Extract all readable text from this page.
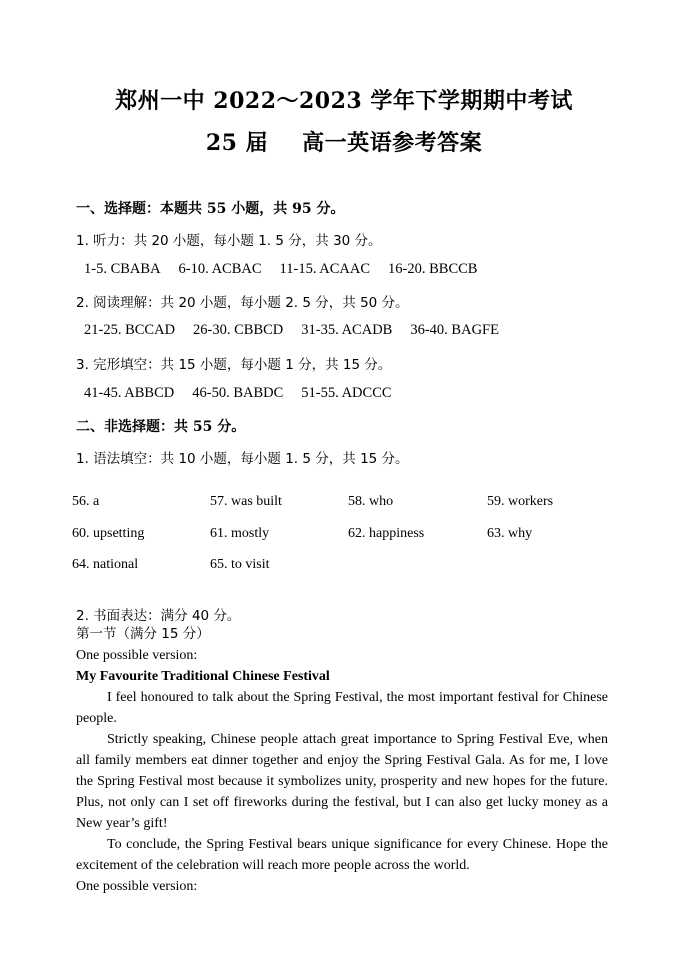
郑州一中 2022～2023 学年下学期期中考试
25 届 高一英语参考答案
一、选择题：本题共 55 小题，共 95 分。
1. 听力：共 20 小题，每小题 1. 5 分，共 30 分。
1-5. CBABA 6-10. ACBAC 11-15. ACAAC 16-20. BBCCB
2. 阅读理解：共 20 小题，每小题 2. 5 分，共 50 分。
21-25. BCCAD 26-30. CBBCD 31-35. ACADB 36-40. BAGFE
3. 完形填空：共 15 小题，每小题 1 分，共 15 分。
41-45. ABBCD 46-50. BABDC 51-55. ADCCC
二、非选择题：共 55 分。
1. 语法填空：共 10 小题，每小题 1. 5 分，共 15 分。
56. a	57. was built	58. who	59. workers
60. upsetting	61. mostly	62. happiness	63. why
64. national	65. to visit
2. 书面表达：满分 40 分。

第一节（满分 15 分）

One possible version:

My Favourite Traditional Chinese Festival

I feel honoured to talk about the Spring Festival, the most important festival for Chinese people.

Strictly speaking, Chinese people attach great importance to Spring Festival Eve, when all family members eat dinner together and enjoy the Spring Festival Gala. As for me, I love the Spring Festival most because it symbolizes unity, prosperity and new hopes for the future. Plus, not only can I set off fireworks during the festival, but I can also get lucky money as a New year’s gift!

To conclude, the Spring Festival bears unique significance for every Chinese. Hope the excitement of the celebration will reach more people across the world.

One possible version:
